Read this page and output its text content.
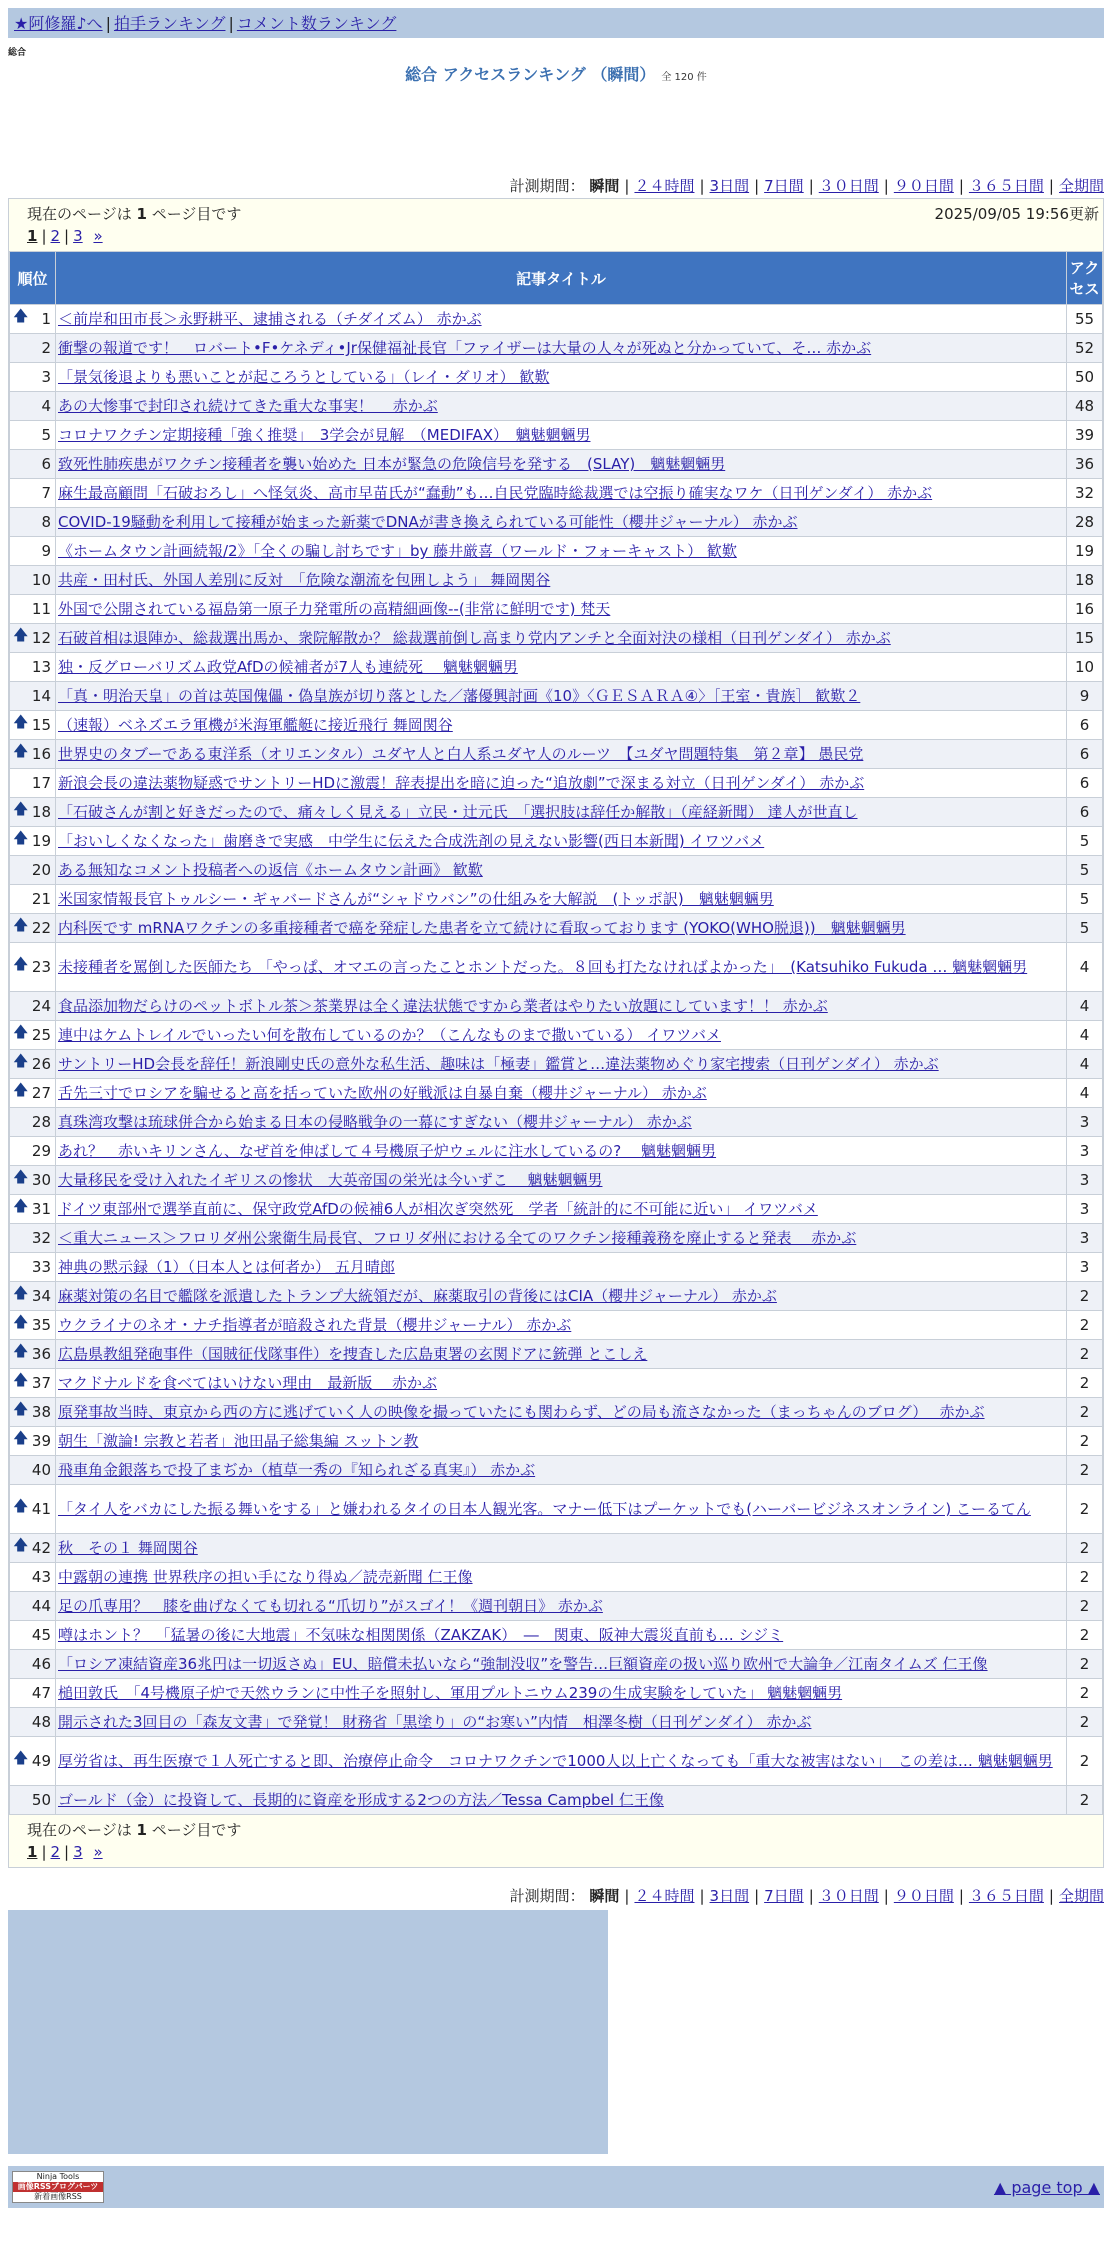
★阿修羅♪へ | 拍手ランキング | コメント数ランキング
総合
総合 アクセスランキング （瞬間） 全 120 件
計測期間： 瞬間 | ２４時間 | 3日間 | 7日間 | ３０日間 | ９０日間 | ３６５日間 | 全期間
現在のページは 1 ページ目です	2025/09/05 19:56更新
1 | 2 | 3 »
順位	記事タイトル	アクセス

🡅 1	＜前岸和田市長＞永野耕平、逮捕される（チダイズム） 赤かぶ	55
2	衝撃の報道です！　ロバート•F•ケネディ•Jr保健福祉長官「ファイザーは大量の人々が死ぬと分かっていて、そ… 赤かぶ	52
3	「景気後退よりも悪いことが起ころうとしている」（レイ・ダリオ） 歓歎	50
4	あの大惨事で封印され続けてきた重大な事実！　 赤かぶ	48
5	コロナワクチン定期接種「強く推奨」　3学会が見解　（MEDIFAX）　魑魅魍魎男	39
6	致死性肺疾患がワクチン接種者を襲い始めた 日本が緊急の危険信号を発する　(SLAY)　魑魅魍魎男	36
7	麻生最高顧問「石破おろし」へ怪気炎、高市早苗氏が“蠢動”も…自民党臨時総裁選では空振り確実なワケ（日刊ゲンダイ） 赤かぶ	32
8	COVID-19騒動を利用して接種が始まった新薬でDNAが書き換えられている可能性（櫻井ジャーナル） 赤かぶ	28
9	《ホームタウン計画続報/2》「全くの騙し討ちです」by 藤井厳喜（ワールド・フォーキャスト） 歓歎	19
10	共産・田村氏、外国人差別に反対　「危険な潮流を包囲しよう」 舞岡関谷	18
11	外国で公開されている福島第一原子力発電所の高精細画像--(非常に鮮明です) 梵天	16

🡅 12	石破首相は退陣か、総裁選出馬か、衆院解散か？ 総裁選前倒し高まり党内アンチと全面対決の様相（日刊ゲンダイ） 赤かぶ	15
13	独・反グローバリズム政党AfDの候補者が7人も連続死　 魑魅魍魎男	10
14	「真・明治天皇」の首は英国傀儡・偽皇族が切り落とした／藩優興討画《10》〈ＧＥＳＡＲＡ④〉［王室・貴族］ 歓歎２	9

🡅 15	（速報）ベネズエラ軍機が米海軍艦艇に接近飛行 舞岡関谷	6

🡅 16	世界史のタブーである東洋系（オリエンタル）ユダヤ人と白人系ユダヤ人のルーツ　【ユダヤ問題特集　第２章】 愚民党	6
17	新浪会長の違法薬物疑惑でサントリーHDに激震！辞表提出を暗に迫った“追放劇”で深まる対立（日刊ゲンダイ） 赤かぶ	6

🡅 18	「石破さんが割と好きだったので、痛々しく見える」立民・辻元氏　「選択肢は辞任か解散」（産経新聞） 達人が世直し	6

🡅 19	「おいしくなくなった」歯磨きで実感　中学生に伝えた合成洗剤の見えない影響(西日本新聞) イワツバメ	5
20	ある無知なコメント投稿者への返信《ホームタウン計画》 歓歎	5
21	米国家情報長官トゥルシー・ギャバードさんが“シャドウバン”の仕組みを大解説　(トッポ訳)　魑魅魍魎男	5

🡅 22	内科医です mRNAワクチンの多重接種者で癌を発症した患者を立て続けに看取っております (YOKO(WHO脱退))　魑魅魍魎男	5

🡅 23	未接種者を罵倒した医師たち 「やっぱ、オマエの言ったことホントだった。８回も打たなければよかった」　(Katsuhiko Fukuda … 魑魅魍魎男	4
24	食品添加物だらけのペットボトル茶＞茶業界は全く違法状態ですから業者はやりたい放題にしています！！ 赤かぶ	4

🡅 25	連中はケムトレイルでいったい何を散布しているのか？（こんなものまで撒いている） イワツバメ	4

🡅 26	サントリーHD会長を辞任！新浪剛史氏の意外な私生活、趣味は「極妻」鑑賞と…違法薬物めぐり家宅捜索（日刊ゲンダイ） 赤かぶ	4

🡅 27	舌先三寸でロシアを騙せると高を括っていた欧州の好戦派は自暴自棄（櫻井ジャーナル） 赤かぶ	4
28	真珠湾攻撃は琉球併合から始まる日本の侵略戦争の一幕にすぎない（櫻井ジャーナル） 赤かぶ	3
29	あれ？　赤いキリンさん、なぜ首を伸ばして４号機原子炉ウェルに注水しているの?　 魑魅魍魎男	3

🡅 30	大量移民を受け入れたイギリスの惨状　大英帝国の栄光は今いずこ　 魑魅魍魎男	3

🡅 31	ドイツ東部州で選挙直前に、保守政党AfDの候補6人が相次ぎ突然死　学者「統計的に不可能に近い」 イワツバメ	3
32	＜重大ニュース＞フロリダ州公衆衛生局長官、フロリダ州における全てのワクチン接種義務を廃止すると発表　 赤かぶ	3
33	神典の黙示録（1）（日本人とは何者か） 五月晴郎	3

🡅 34	麻薬対策の名目で艦隊を派遣したトランプ大統領だが、麻薬取引の背後にはCIA（櫻井ジャーナル） 赤かぶ	2

🡅 35	ウクライナのネオ・ナチ指導者が暗殺された背景（櫻井ジャーナル） 赤かぶ	2

🡅 36	広島県教組発砲事件（国賊征伐隊事件）を捜査した広島東署の玄関ドアに銃弾 とこしえ	2

🡅 37	マクドナルドを食べてはいけない理由　最新版　 赤かぶ	2

🡅 38	原発事故当時、東京から西の方に逃げていく人の映像を撮っていたにも関わらず、どの局も流さなかった（まっちゃんのブログ）　 赤かぶ	2

🡅 39	朝生「激論! 宗教と若者」池田晶子総集編 スットン教	2
40	飛車角金銀落ちで投了まぢか（植草一秀の『知られざる真実』） 赤かぶ	2

🡅 41	「タイ人をバカにした振る舞いをする」と嫌われるタイの日本人観光客。マナー低下はプーケットでも(ハーバービジネスオンライン) こーるてん	2

🡅 42	秋　その１ 舞岡関谷	2
43	中露朝の連携 世界秩序の担い手になり得ぬ／読売新聞 仁王像	2
44	足の爪専用？　膝を曲げなくても切れる“爪切り”がスゴイ！《週刊朝日》 赤かぶ	2
45	噂はホント？　「猛暑の後に大地震」不気味な相関関係（ZAKZAK）　―　関東、阪神大震災直前も… シジミ	2
46	「ロシア凍結資産36兆円は一切返さぬ」EU、賠償未払いなら“強制没収”を警告…巨額資産の扱い巡り欧州で大論争／江南タイムズ 仁王像	2
47	槌田敦氏　「4号機原子炉で天然ウランに中性子を照射し、軍用プルトニウム239の生成実験をしていた」 魑魅魍魎男	2
48	開示された3回目の「森友文書」で発覚！ 財務省「黒塗り」の“お寒い”内情　相澤冬樹（日刊ゲンダイ） 赤かぶ	2

🡅 49	厚労省は、再生医療で１人死亡すると即、治療停止命令　コロナワクチンで1000人以上亡くなっても「重大な被害はない」　この差は… 魑魅魍魎男	2
50	ゴールド（金）に投資して、長期的に資産を形成する2つの方法／Tessa Campbel 仁王像	2
現在のページは 1 ページ目です
1 | 2 | 3 »
計測期間： 瞬間 | ２４時間 | 3日間 | 7日間 | ３０日間 | ９０日間 | ３６５日間 | 全期間
Ninja Tools
画像RSSブログパーツ
新着画像RSS	▲ page top ▲
